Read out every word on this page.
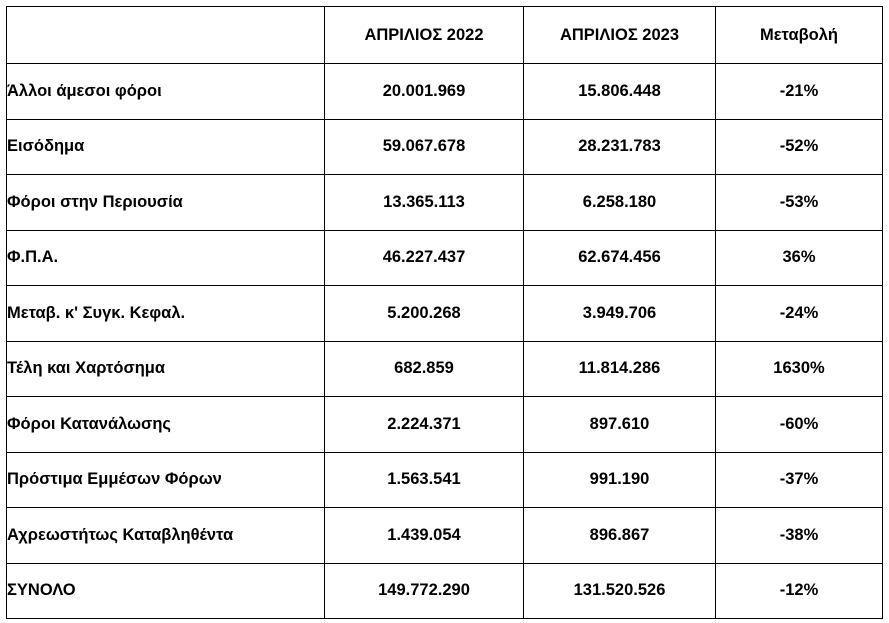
	ΑΠΡΙΛΙΟΣ 2022	ΑΠΡΙΛΙΟΣ 2023	Μεταβολή
Άλλοι άμεσοι φόροι	20.001.969	15.806.448	-21%
Εισόδημα	59.067.678	28.231.783	-52%
Φόροι στην Περιουσία	13.365.113	6.258.180	-53%
Φ.Π.Α.	46.227.437	62.674.456	36%
Μεταβ. κ' Συγκ. Κεφαλ.	5.200.268	3.949.706	-24%
Τέλη και Χαρτόσημα	682.859	11.814.286	1630%
Φόροι Κατανάλωσης	2.224.371	897.610	-60%
Πρόστιμα Εμμέσων Φόρων	1.563.541	991.190	-37%
Αχρεωστήτως Καταβληθέντα	1.439.054	896.867	-38%
ΣΥΝΟΛΟ	149.772.290	131.520.526	-12%
